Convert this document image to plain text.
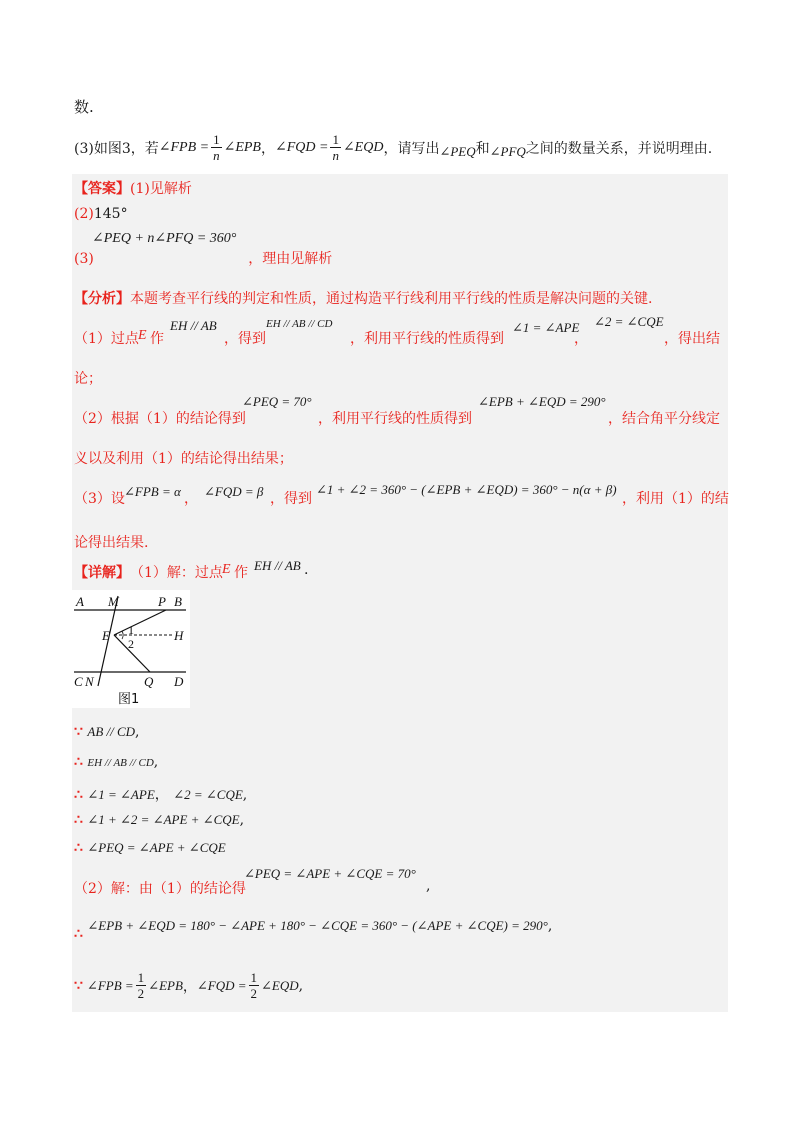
数.
(3)如图3，若 ∠FPB = $\frac{1}{n}$ ∠EPB ， ∠FQD = $\frac{1}{n}$ ∠EQD ，请写出 ∠PEQ 和 ∠PFQ 之间的数量关系，并说明理由.
【答案】(1)见解析
(2)145°
∠PEQ + n∠PFQ = 360°
(3)	，理由见解析
【分析】本题考查平行线的判定和性质，通过构造平行线利用平行线的性质是解决问题的关键.
（1）过点 E 作
EH // AB
，得到
EH // AB // CD
，利用平行线的性质得到
∠1 = ∠APE
，
∠2 = ∠CQE
，得出结
论；
（2）根据（1）的结论得到
∠PEQ = 70°
，利用平行线的性质得到
∠EPB + ∠EQD = 290°
，结合角平分线定
义以及利用（1）的结论得出结果；
（3）设 ∠FPB = α ， ∠FQD = β ，得到
∠1 + ∠2 = 360° − (∠EPB + ∠EQD) = 360° − n(α + β)
，利用（1）的结
论得出结果.
【详解】 （1）解：过点 E 作 EH // AB .
A M	P B
E	H
C N	Q D
1
2
图1
∵ AB // CD,
∴ EH // AB // CD,
∴ ∠1 = ∠APE， ∠2 = ∠CQE,
∴ ∠1 + ∠2 = ∠APE + ∠CQE,
∴ ∠PEQ = ∠APE + ∠CQE
（2）解：由（1）的结论得
∠PEQ = ∠APE + ∠CQE = 70°
,
∴ ∠EPB + ∠EQD = 180° − ∠APE + 180° − ∠CQE = 360° − (∠APE + ∠CQE) = 290°,
∵ ∠FPB = $\frac{1}{2}$ ∠EPB ， ∠FQD = $\frac{1}{2}$ ∠EQD ,
